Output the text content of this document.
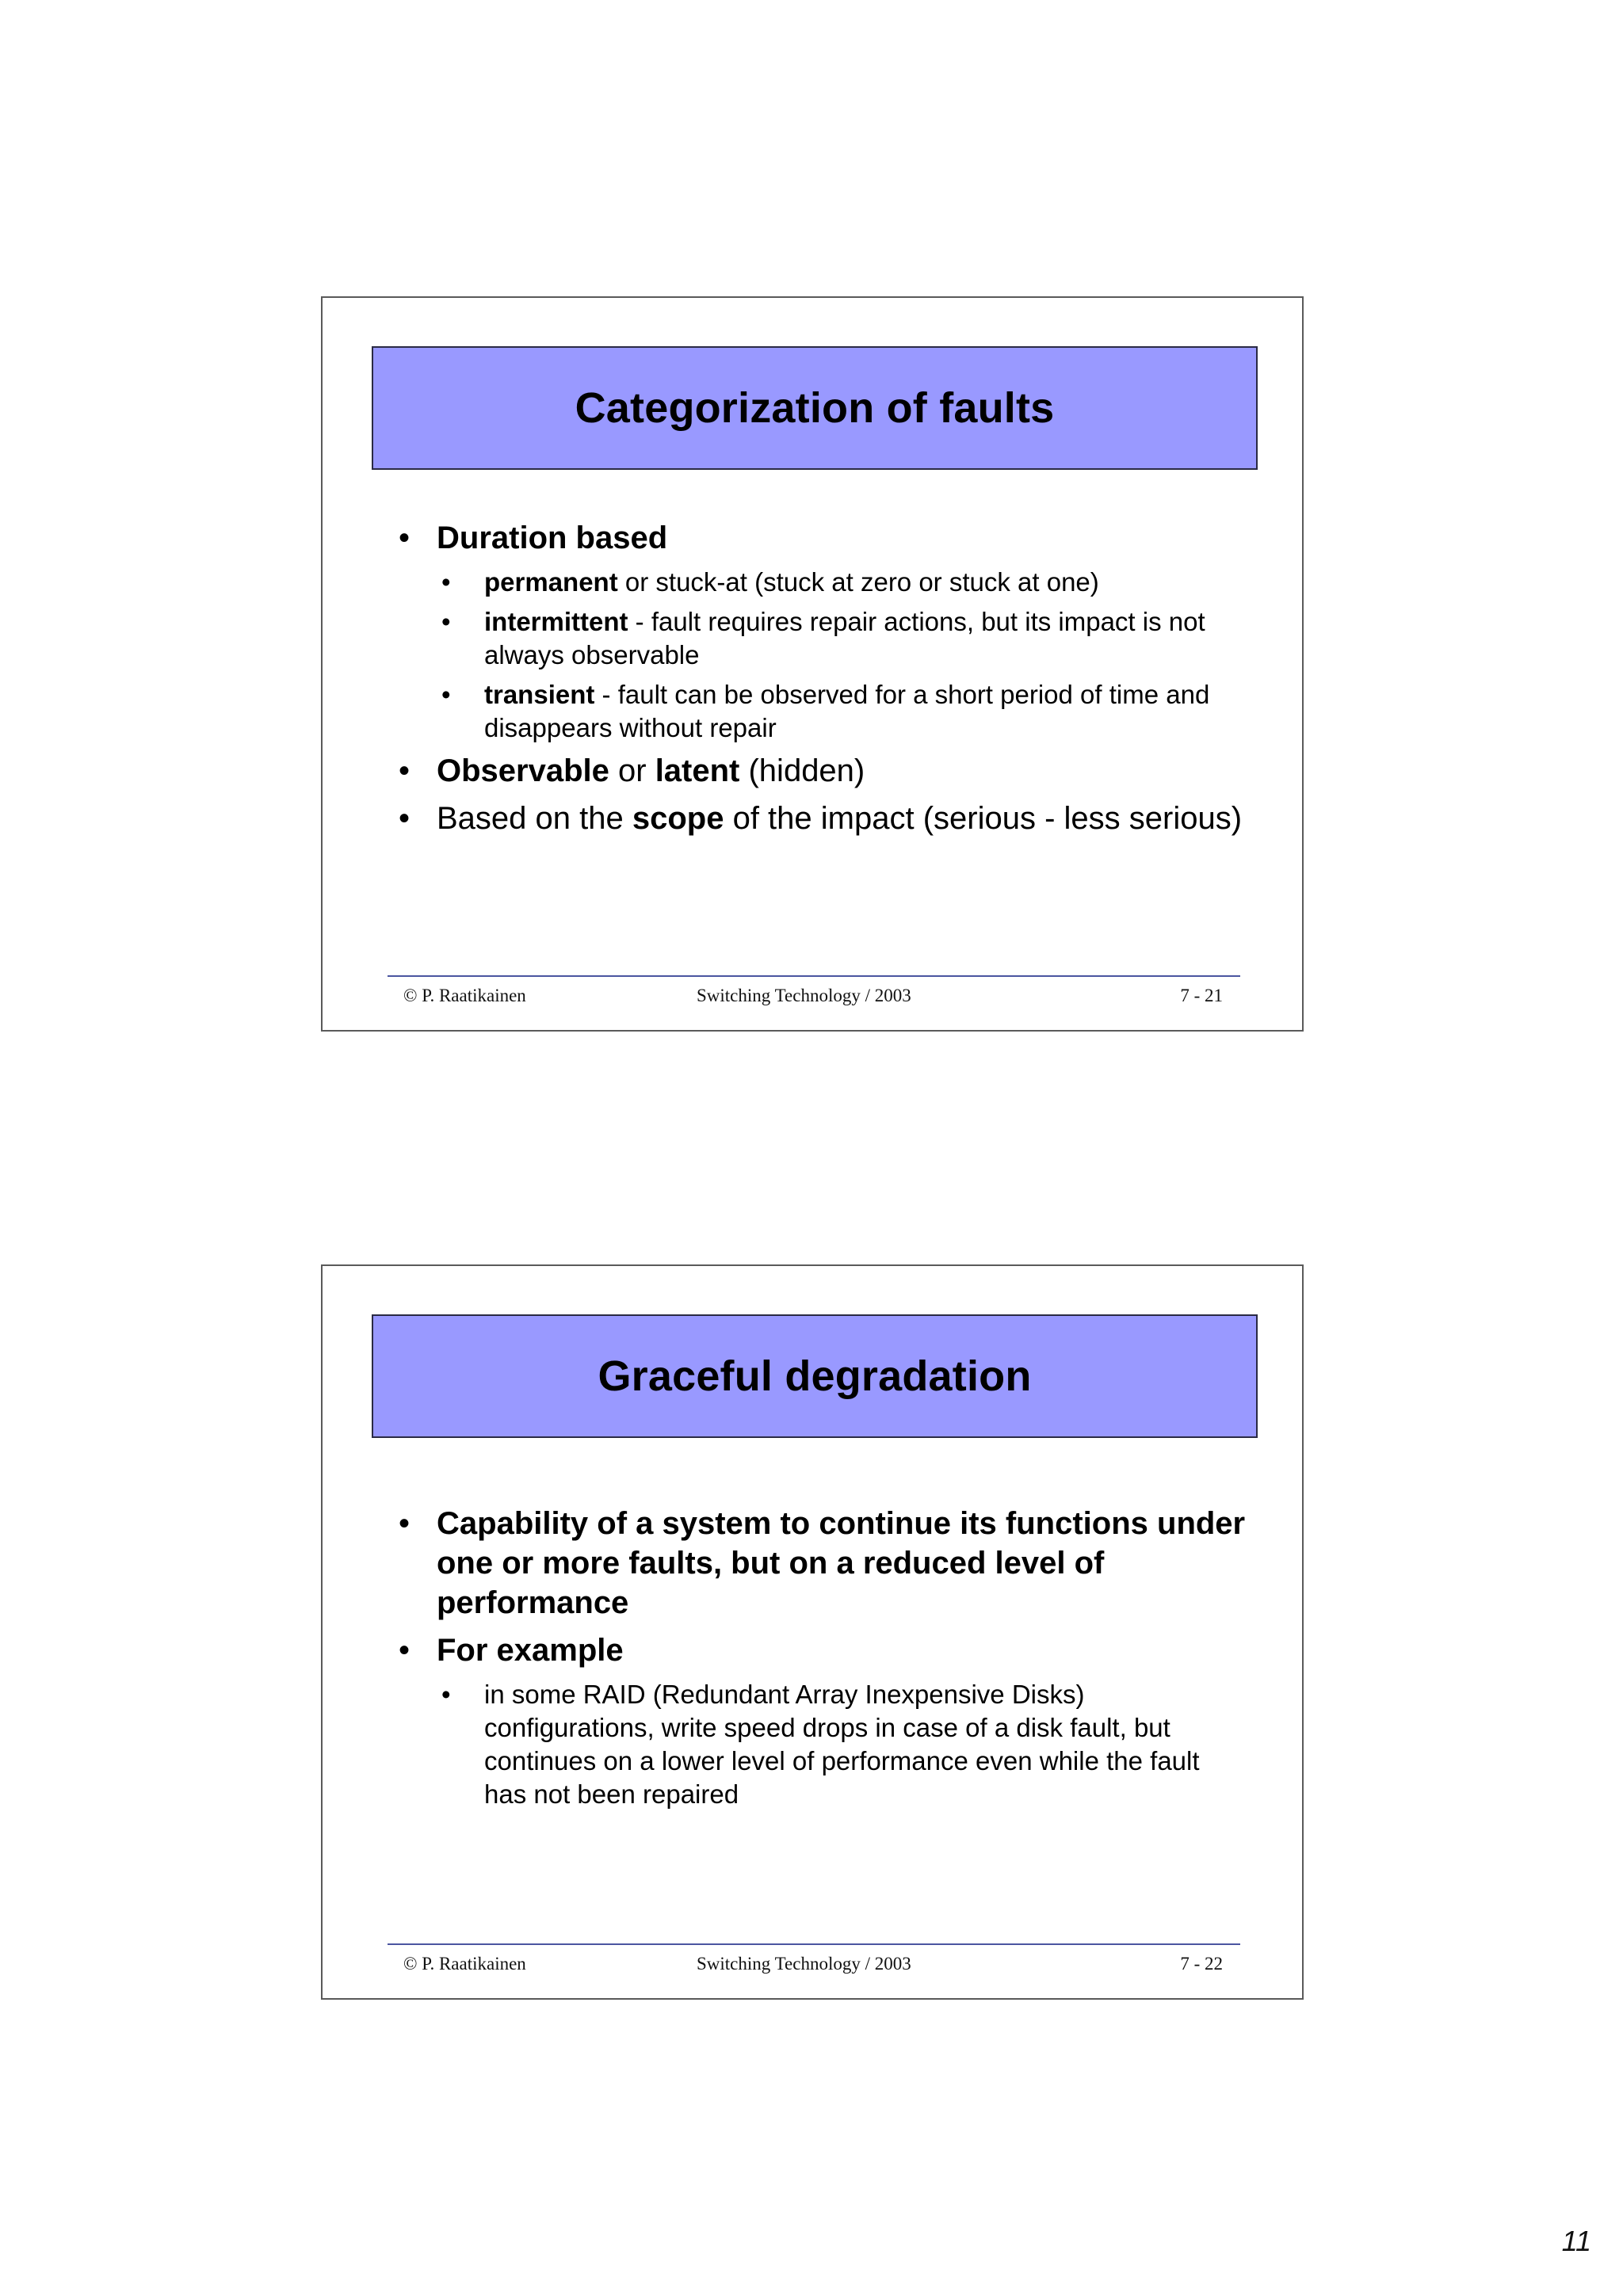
Categorization of faults
• Duration based
• permanent or stuck-at (stuck at zero or stuck at one)
• intermittent - fault requires repair actions, but its impact is not always observable
• transient - fault can be observed for a short period of time and disappears without repair
• Observable or latent (hidden)
• Based on the scope of the impact (serious - less serious)
© P. Raatikainen	Switching Technology / 2003	7 - 21
Graceful degradation
• Capability of a system to continue its functions under one or more faults, but on a reduced level of performance
• For example
• in some RAID (Redundant Array Inexpensive Disks) configurations, write speed drops in case of a disk fault, but continues on a lower level of performance even while the fault has not been repaired
© P. Raatikainen	Switching Technology / 2003	7 - 22
11
